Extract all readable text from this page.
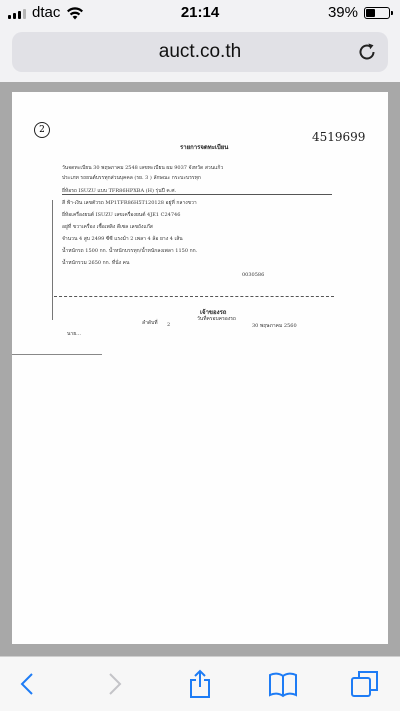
dtac	21:14	39%
auct.co.th
2	4519699
รายการจดทะเบียน
วันจดทะเบียน 30 พฤษภาคม 2548 เลขทะเบียน ผม 9037 จังหวัด สวนแก้ว
ประเภท รถยนต์บรรทุกส่วนบุคคล (รย. 3 ) ลักษณะ กระบะบรรทุก
ยี่ห้อรถ ISUZU แบบ TFR86HPXBA (H) รุ่นปี ค.ศ.
สี ฟ้า-เงิน เลขตัวรถ MP1TFR86H5T120128 อยู่ที่ กลางขวา
ยี่ห้อเครื่องยนต์ ISUZU เลขเครื่องยนต์ 4JE1 C24746
อยู่ที่ ขวาเครื่อง เชื้อเพลิง ดีเซล เลขถังแก๊ส
จำนวน 4 สูบ 2499 ซีซี แรงม้า 2 เพลา 4 ล้อ ยาง 4 เส้น
น้ำหนักรถ 1500 กก. น้ำหนักบรรทุก/น้ำหนักลงเพลา 1150 กก.
น้ำหนักรวม 2650 กก. ที่นั่ง คน
0030586
เจ้าของรถ
ลำดับที่ 2
วันที่ครอบครองรถ
30 พฤษภาคม 2560
นาย...
